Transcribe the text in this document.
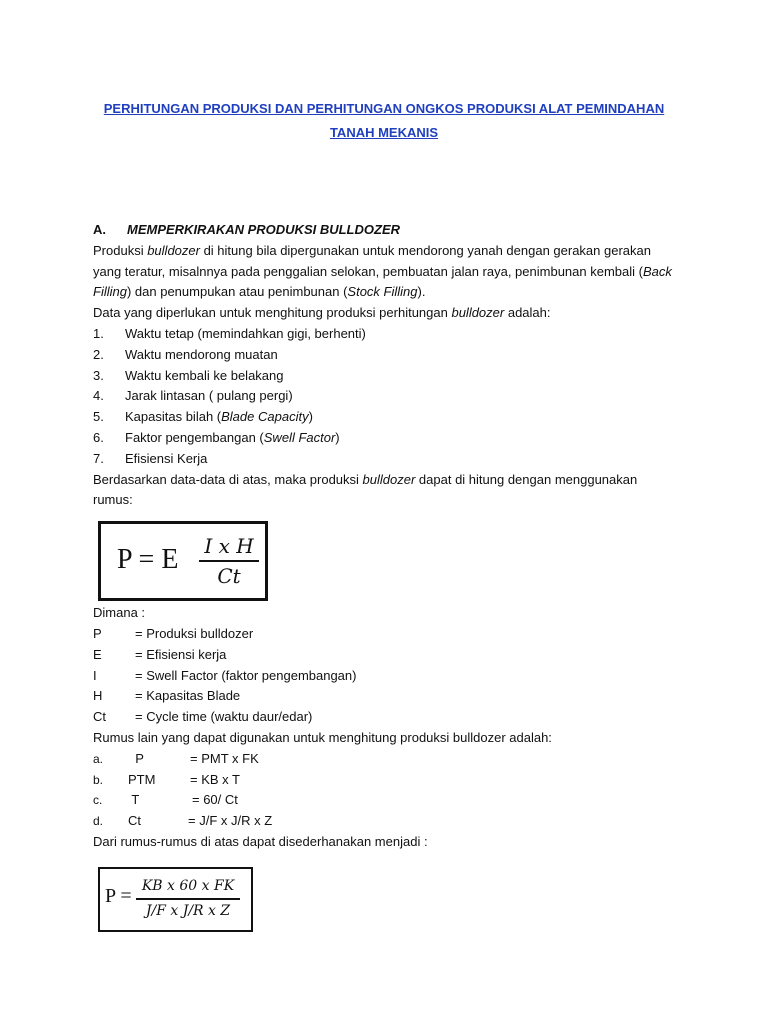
PERHITUNGAN PRODUKSI DAN PERHITUNGAN ONGKOS PRODUKSI ALAT PEMINDAHAN
TANAH MEKANIS
A. MEMPERKIRAKAN PRODUKSI BULLDOZER
Produksi bulldozer di hitung bila dipergunakan untuk mendorong yanah dengan gerakan gerakan
yang teratur, misalnnya pada penggalian selokan, pembuatan jalan raya, penimbunan kembali (Back
Filling) dan penumpukan atau penimbunan (Stock Filling).
Data yang diperlukan untuk menghitung produksi perhitungan bulldozer adalah:
1. Waktu tetap (memindahkan gigi, berhenti)
2. Waktu mendorong muatan
3. Waktu kembali ke belakang
4. Jarak lintasan ( pulang pergi)
5. Kapasitas bilah (Blade Capacity)
6. Faktor pengembangan (Swell Factor)
7. Efisiensi Kerja
Berdasarkan data-data di atas, maka produksi bulldozer dapat di hitung dengan menggunakan
rumus:
Dimana :
P	= Produksi bulldozer
E	= Efisiensi kerja
I	= Swell Factor (faktor pengembangan)
H	= Kapasitas Blade
Ct = Cycle time (waktu daur/edar)
Rumus lain yang dapat digunakan untuk menghitung produksi bulldozer adalah:
a.  P	= PMT x FK
b. PTM	= KB x T
c. T	= 60/ Ct
d. Ct	= J/F x J/R x Z
Dari rumus-rumus di atas dapat disederhanakan menjadi :
P = E I x H
Ct
P = KB x 60 x FK
J/F x J/R x Z
